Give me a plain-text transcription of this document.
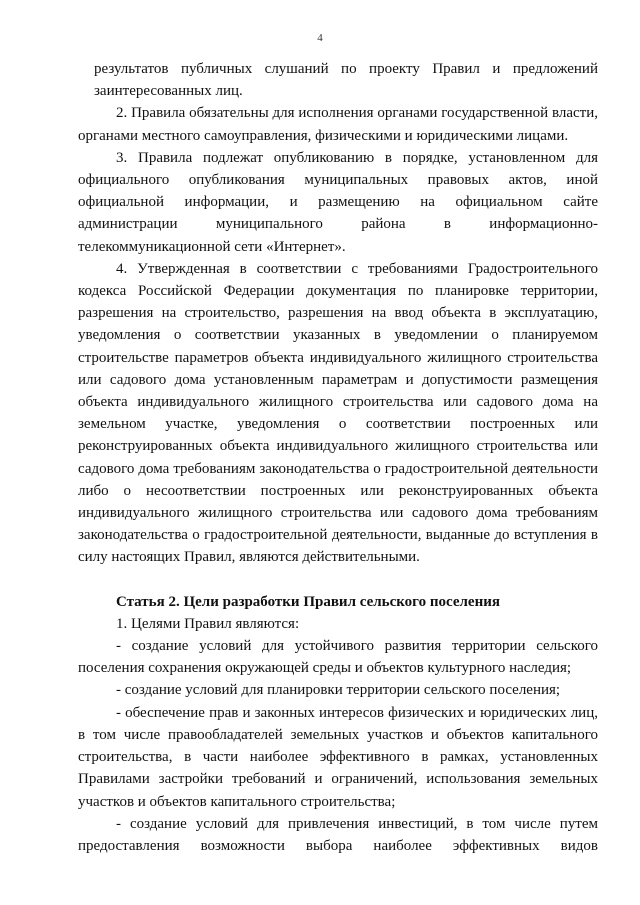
4

результатов публичных слушаний по проекту Правил и предложений заинтересованных лиц.

2. Правила обязательны для исполнения органами государственной власти, органами местного самоуправления, физическими и юридическими лицами.

3. Правила подлежат опубликованию в порядке, установленном для официального опубликования муниципальных правовых актов, иной официальной информации, и размещению на официальном сайте администрации муниципального района в информационно-телекоммуникационной сети «Интернет».

4. Утвержденная в соответствии с требованиями Градостроительного кодекса Российской Федерации документация по планировке территории, разрешения на строительство, разрешения на ввод объекта в эксплуатацию, уведомления о соответствии указанных в уведомлении о планируемом строительстве параметров объекта индивидуального жилищного строительства или садового дома установленным параметрам и допустимости размещения объекта индивидуального жилищного строительства или садового дома на земельном участке, уведомления о соответствии построенных или реконструированных объекта индивидуального жилищного строительства или садового дома требованиям законодательства о градостроительной деятельности либо о несоответствии построенных или реконструированных объекта индивидуального жилищного строительства или садового дома требованиям законодательства о градостроительной деятельности, выданные до вступления в силу настоящих Правил, являются действительными.

Статья 2. Цели разработки Правил сельского поселения

1. Целями Правил являются:

- создание условий для устойчивого развития территории сельского поселения сохранения окружающей среды и объектов культурного наследия;

- создание условий для планировки территории сельского поселения;

- обеспечение прав и законных интересов физических и юридических лиц, в том числе правообладателей земельных участков и объектов капитального строительства, в части наиболее эффективного в рамках, установленных Правилами застройки требований и ограничений, использования земельных участков и объектов капитального строительства;

- создание условий для привлечения инвестиций, в том числе путем предоставления возможности выбора наиболее эффективных видов
